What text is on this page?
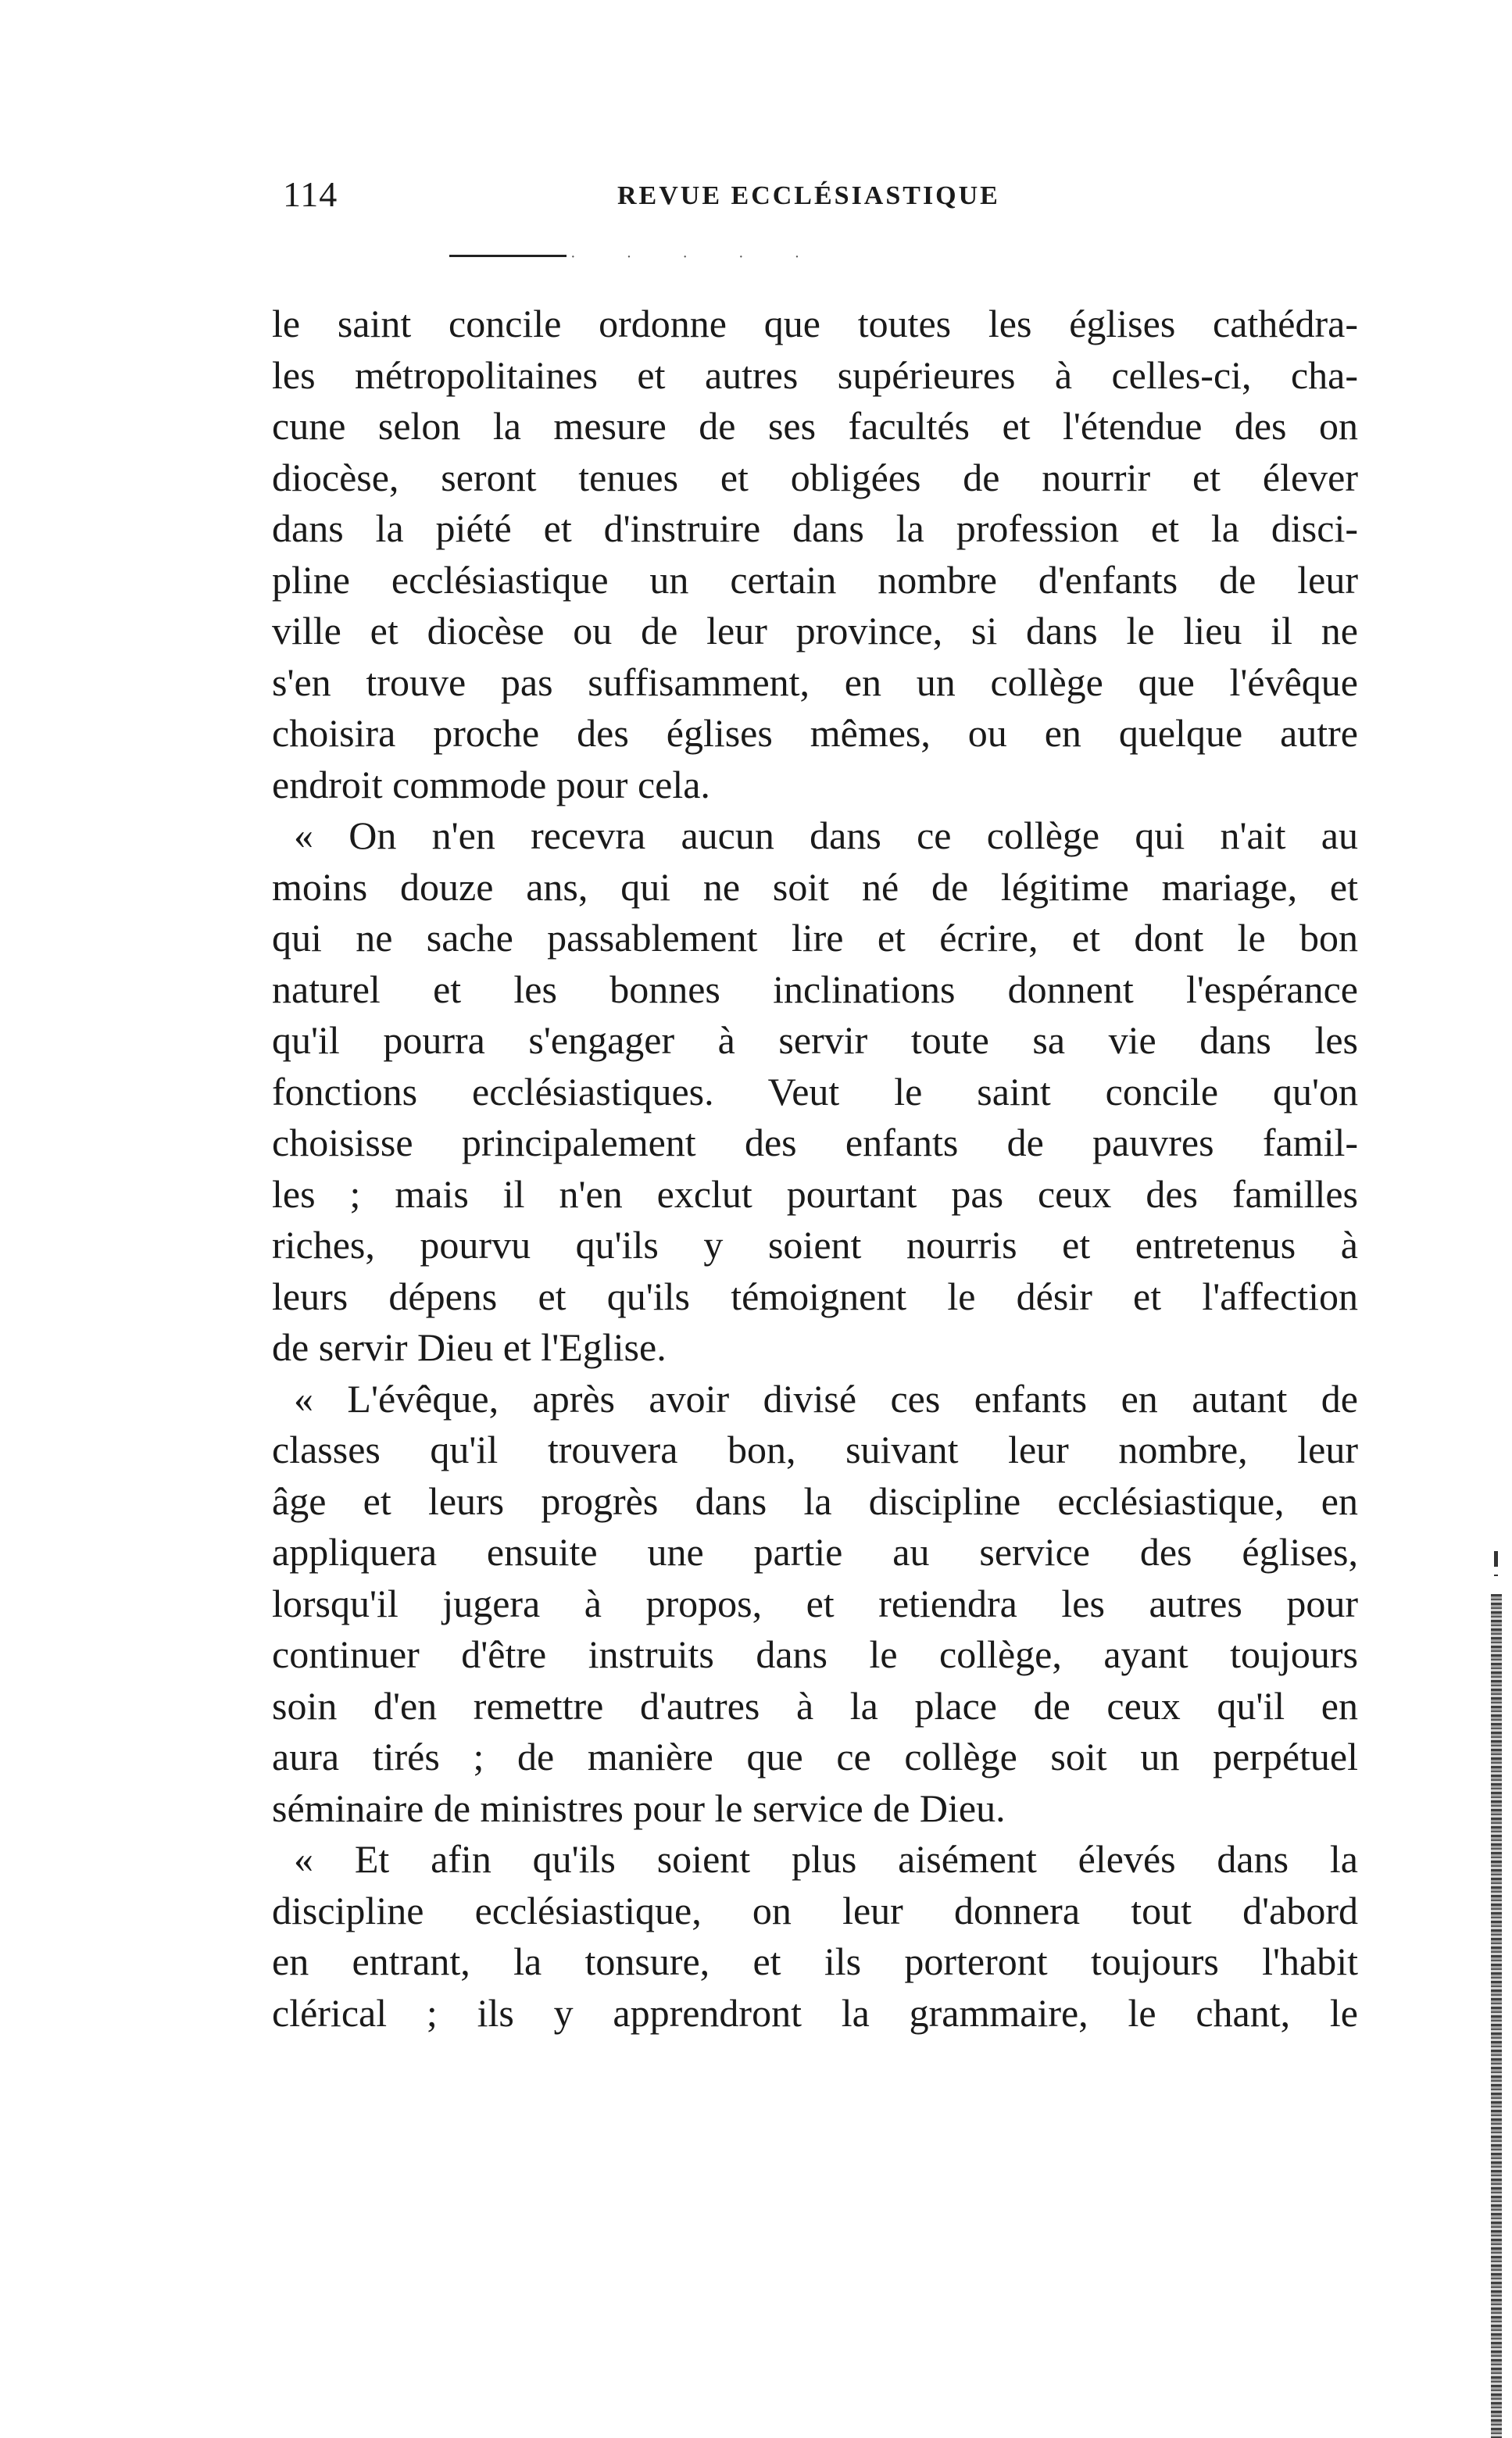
114	REVUE ECCLÉSIASTIQUE
· · · · ·
le saint concile ordonne que toutes les églises cathédra-
les métropolitaines et autres supérieures à celles-ci, cha-
cune selon la mesure de ses facultés et l'étendue des on
diocèse, seront tenues et obligées de nourrir et élever
dans la piété et d'instruire dans la profession et la disci-
pline ecclésiastique un certain nombre d'enfants de leur
ville et diocèse ou de leur province, si dans le lieu il ne
s'en trouve pas suffisamment, en un collège que l'évêque
choisira proche des églises mêmes, ou en quelque autre
endroit commode pour cela.
« On n'en recevra aucun dans ce collège qui n'ait au
moins douze ans, qui ne soit né de légitime mariage, et
qui ne sache passablement lire et écrire, et dont le bon
naturel et les bonnes inclinations donnent l'espérance
qu'il pourra s'engager à servir toute sa vie dans les
fonctions ecclésiastiques. Veut le saint concile qu'on
choisisse principalement des enfants de pauvres famil-
les ; mais il n'en exclut pourtant pas ceux des familles
riches, pourvu qu'ils y soient nourris et entretenus à
leurs dépens et qu'ils témoignent le désir et l'affection
de servir Dieu et l'Eglise.
« L'évêque, après avoir divisé ces enfants en autant de
classes qu'il trouvera bon, suivant leur nombre, leur
âge et leurs progrès dans la discipline ecclésiastique, en
appliquera ensuite une partie au service des églises,
lorsqu'il jugera à propos, et retiendra les autres pour
continuer d'être instruits dans le collège, ayant toujours
soin d'en remettre d'autres à la place de ceux qu'il en
aura tirés ; de manière que ce collège soit un perpétuel
séminaire de ministres pour le service de Dieu.
« Et afin qu'ils soient plus aisément élevés dans la
discipline ecclésiastique, on leur donnera tout d'abord
en entrant, la tonsure, et ils porteront toujours l'habit
clérical ; ils y apprendront la grammaire, le chant, le
